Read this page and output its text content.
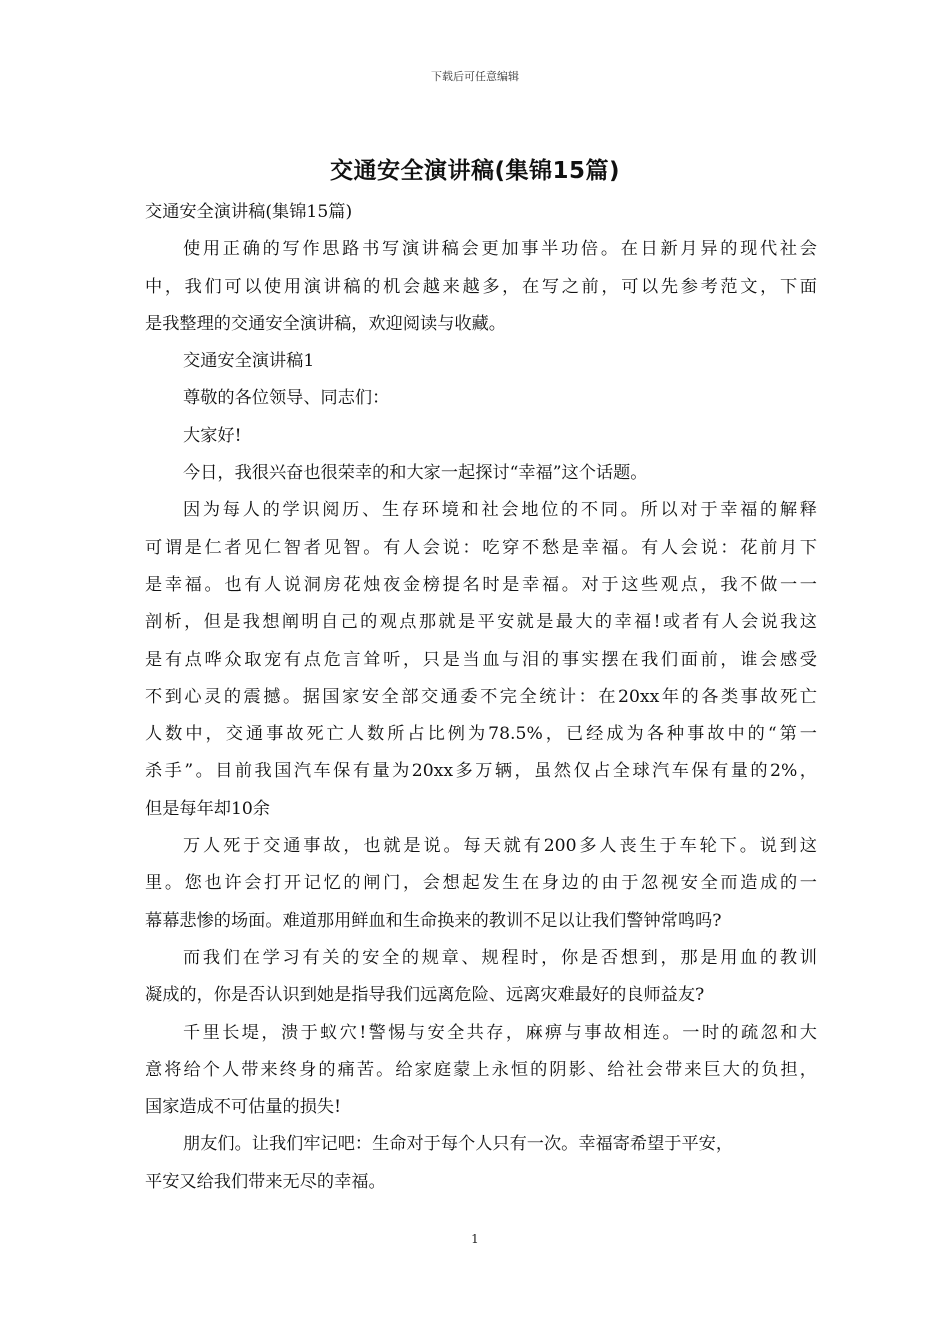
下载后可任意编辑
交通安全演讲稿(集锦15篇)
交通安全演讲稿(集锦15篇)
使用正确的写作思路书写演讲稿会更加事半功倍。在日新月异的现代社会
中，我们可以使用演讲稿的机会越来越多，在写之前，可以先参考范文，下面
是我整理的交通安全演讲稿，欢迎阅读与收藏。
交通安全演讲稿1
尊敬的各位领导、同志们：
大家好!
今日，我很兴奋也很荣幸的和大家一起探讨“幸福”这个话题。
因为每人的学识阅历、生存环境和社会地位的不同。所以对于幸福的解释
可谓是仁者见仁智者见智。有人会说：吃穿不愁是幸福。有人会说：花前月下
是幸福。也有人说洞房花烛夜金榜提名时是幸福。对于这些观点，我不做一一
剖析，但是我想阐明自己的观点那就是平安就是最大的幸福!或者有人会说我这
是有点哗众取宠有点危言耸听，只是当血与泪的事实摆在我们面前，谁会感受
不到心灵的震撼。据国家安全部交通委不完全统计：在20xx年的各类事故死亡
人数中，交通事故死亡人数所占比例为78.5%，已经成为各种事故中的“第一
杀手”。目前我国汽车保有量为20xx多万辆，虽然仅占全球汽车保有量的2%，
但是每年却10余
万人死于交通事故，也就是说。每天就有200多人丧生于车轮下。说到这
里。您也许会打开记忆的闸门，会想起发生在身边的由于忽视安全而造成的一
幕幕悲惨的场面。难道那用鲜血和生命换来的教训不足以让我们警钟常鸣吗?
而我们在学习有关的安全的规章、规程时，你是否想到，那是用血的教训
凝成的，你是否认识到她是指导我们远离危险、远离灾难最好的良师益友?
千里长堤，溃于蚁穴!警惕与安全共存，麻痹与事故相连。一时的疏忽和大
意将给个人带来终身的痛苦。给家庭蒙上永恒的阴影、给社会带来巨大的负担，
国家造成不可估量的损失!
朋友们。让我们牢记吧：生命对于每个人只有一次。幸福寄希望于平安，
平安又给我们带来无尽的幸福。
1
